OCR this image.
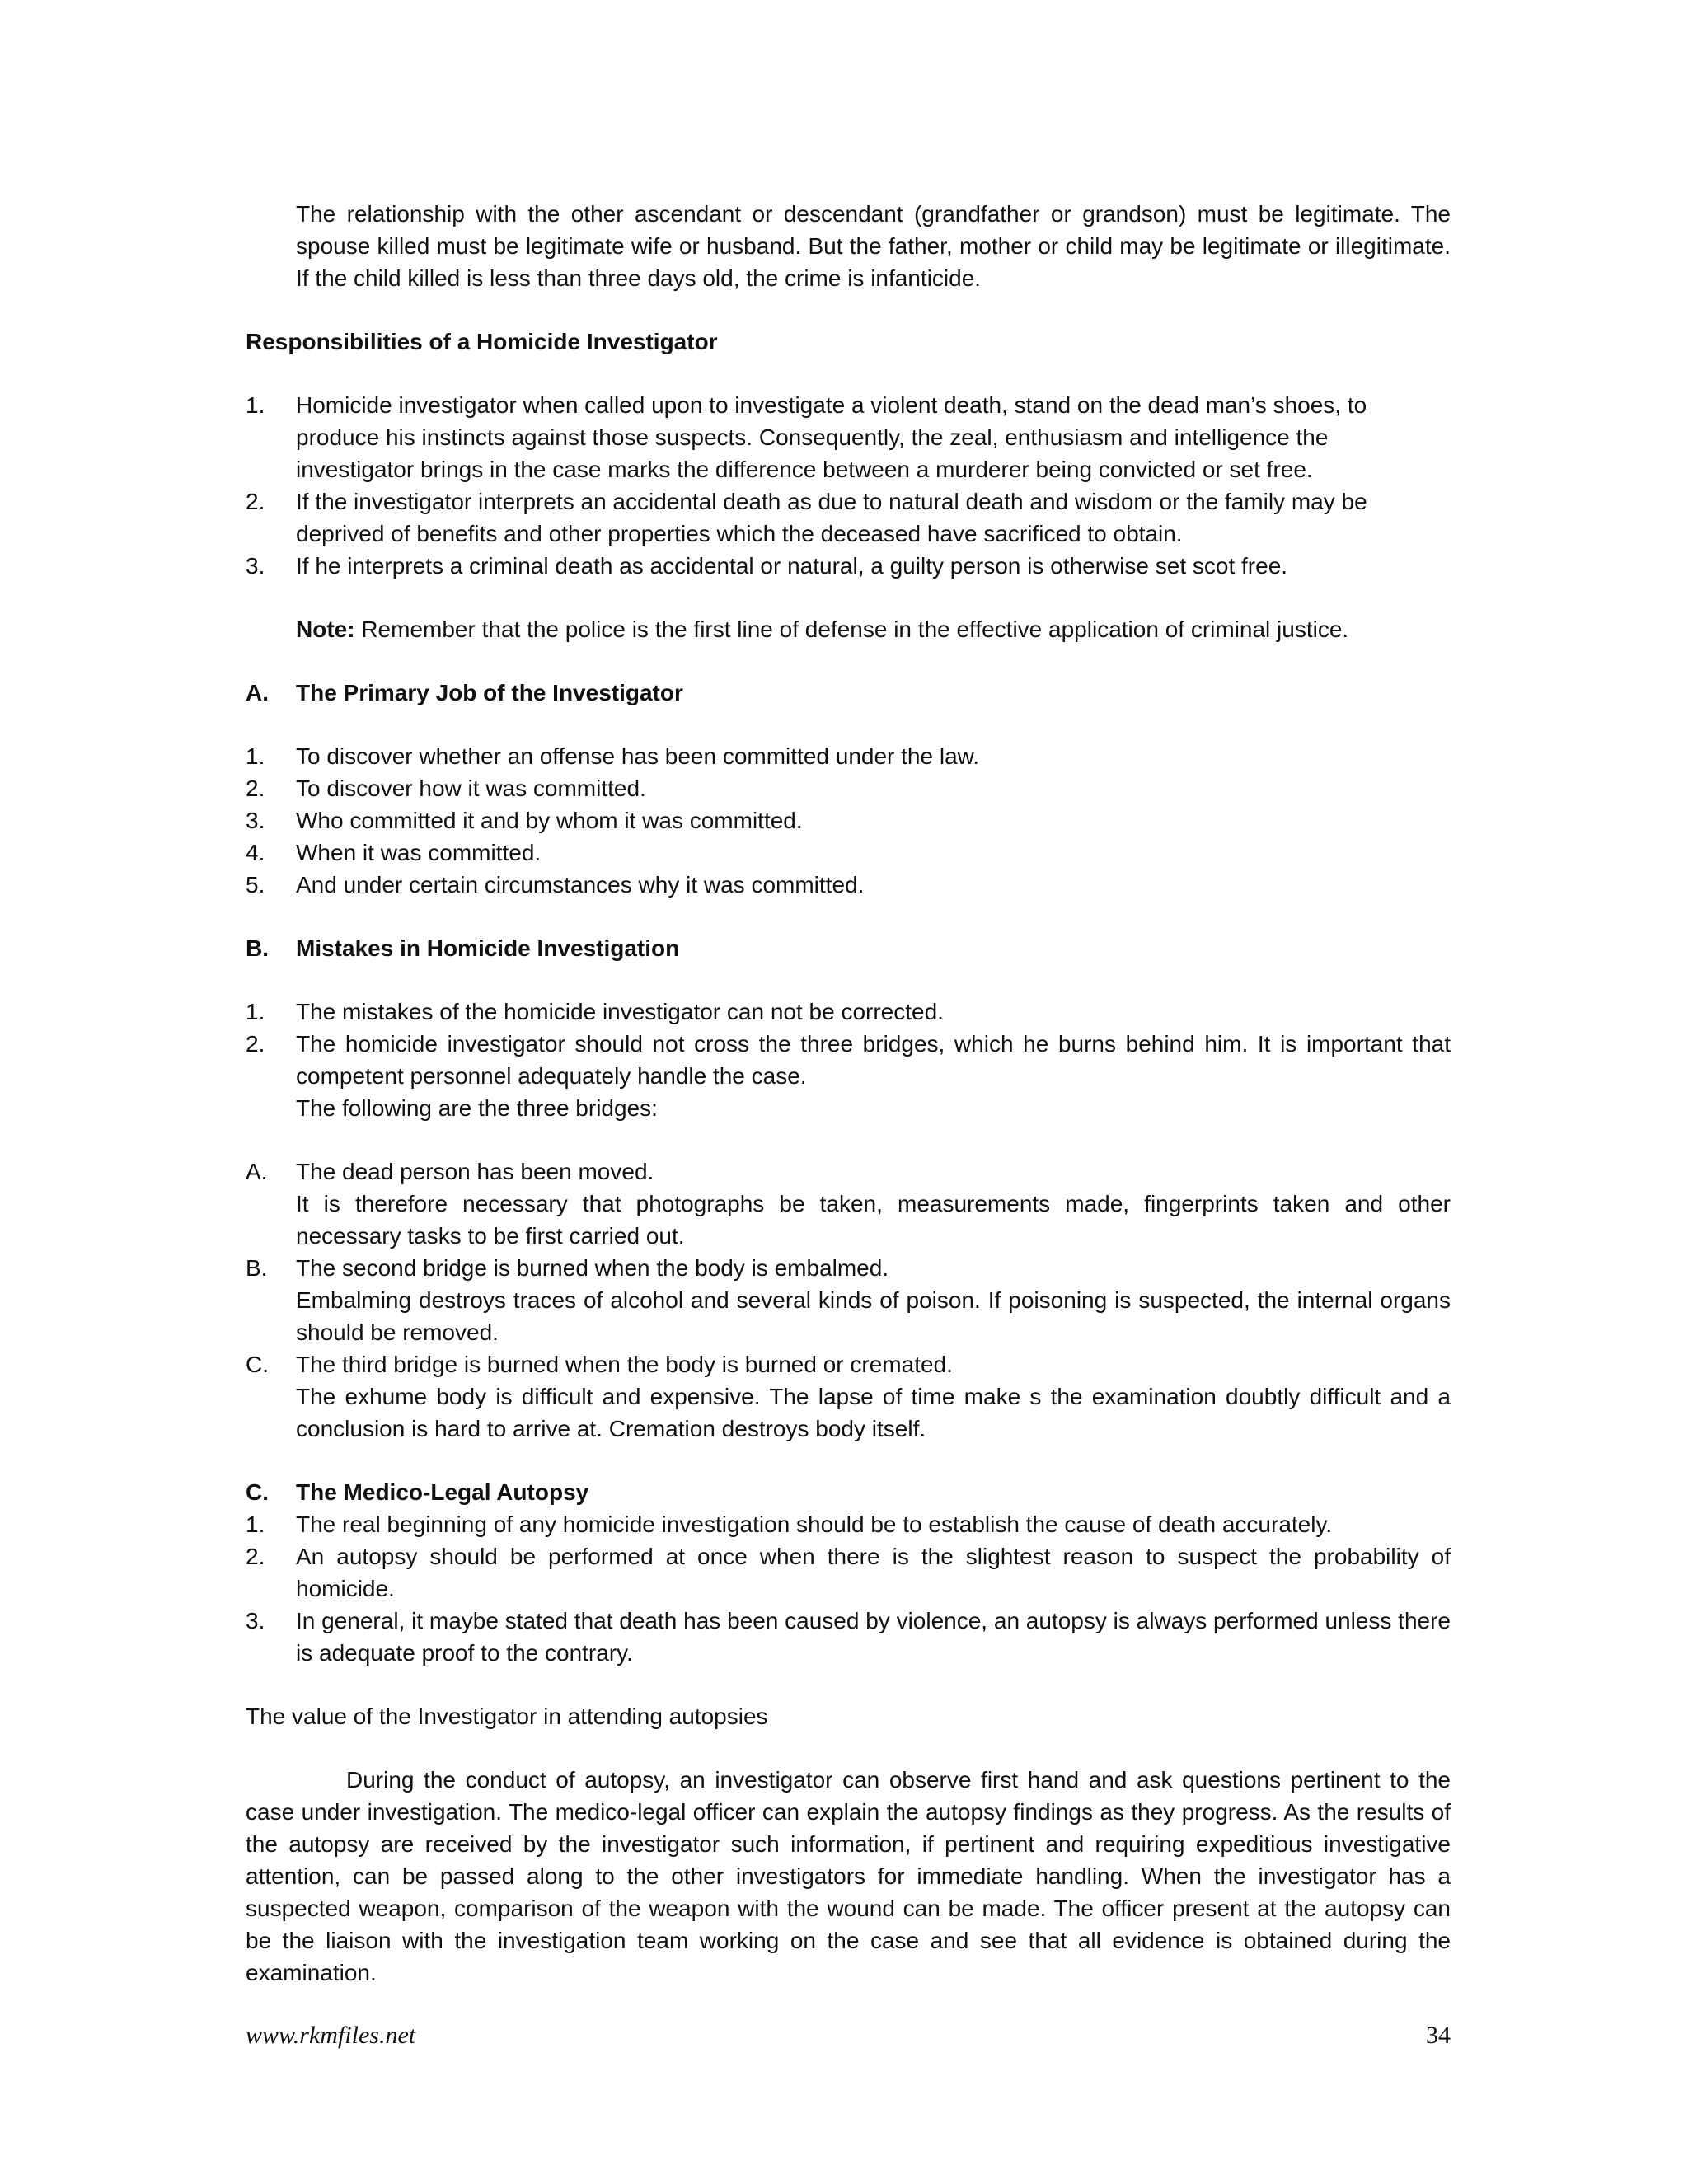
The relationship with the other ascendant or descendant (grandfather or grandson) must be legitimate. The spouse killed must be legitimate wife or husband. But the father, mother or child may be legitimate or illegitimate. If the child killed is less than three days old, the crime is infanticide.

Responsibilities of a Homicide Investigator

1.	Homicide investigator when called upon to investigate a violent death, stand on the dead man’s shoes, to produce his instincts against those suspects. Consequently, the zeal, enthusiasm and intelligence the investigator brings in the case marks the difference between a murderer being convicted or set free.
2.	If the investigator interprets an accidental death as due to natural death and wisdom or the family may be deprived of benefits and other properties which the deceased have sacrificed to obtain.
3.	If he interprets a criminal death as accidental or natural, a guilty person is otherwise set scot free.

Note: Remember that the police is the first line of defense in the effective application of criminal justice.

A.	The Primary Job of the Investigator
1.	To discover whether an offense has been committed under the law.
2.	To discover how it was committed.
3.	Who committed it and by whom it was committed.
4.	When it was committed.
5.	And under certain circumstances why it was committed.
B.	Mistakes in Homicide Investigation
1.	The mistakes of the homicide investigator can not be corrected.
2.	The homicide investigator should not cross the three bridges, which he burns behind him. It is important that competent personnel adequately handle the case.

The following are the three bridges:

A.	The dead person has been moved.
It is therefore necessary that photographs be taken, measurements made, fingerprints taken and other necessary tasks to be first carried out.
B.	The second bridge is burned when the body is embalmed.
Embalming destroys traces of alcohol and several kinds of poison. If poisoning is suspected, the internal organs should be removed.
C.	The third bridge is burned when the body is burned or cremated.
The exhume body is difficult and expensive. The lapse of time make s the examination doubtly difficult and a conclusion is hard to arrive at. Cremation destroys body itself.
C.	The Medico-Legal Autopsy
1.	The real beginning of any homicide investigation should be to establish the cause of death accurately.
2.	An autopsy should be performed at once when there is the slightest reason to suspect the probability of homicide.
3.	In general, it maybe stated that death has been caused by violence, an autopsy is always performed unless there is adequate proof to the contrary.

The value of the Investigator in attending autopsies

During the conduct of autopsy, an investigator can observe first hand and ask questions pertinent to the case under investigation. The medico-legal officer can explain the autopsy findings as they progress. As the results of the autopsy are received by the investigator such information, if pertinent and requiring expeditious investigative attention, can be passed along to the other investigators for immediate handling. When the investigator has a suspected weapon, comparison of the weapon with the wound can be made. The officer present at the autopsy can be the liaison with the investigation team working on the case and see that all evidence is obtained during the examination.

www.rkmfiles.net	34
